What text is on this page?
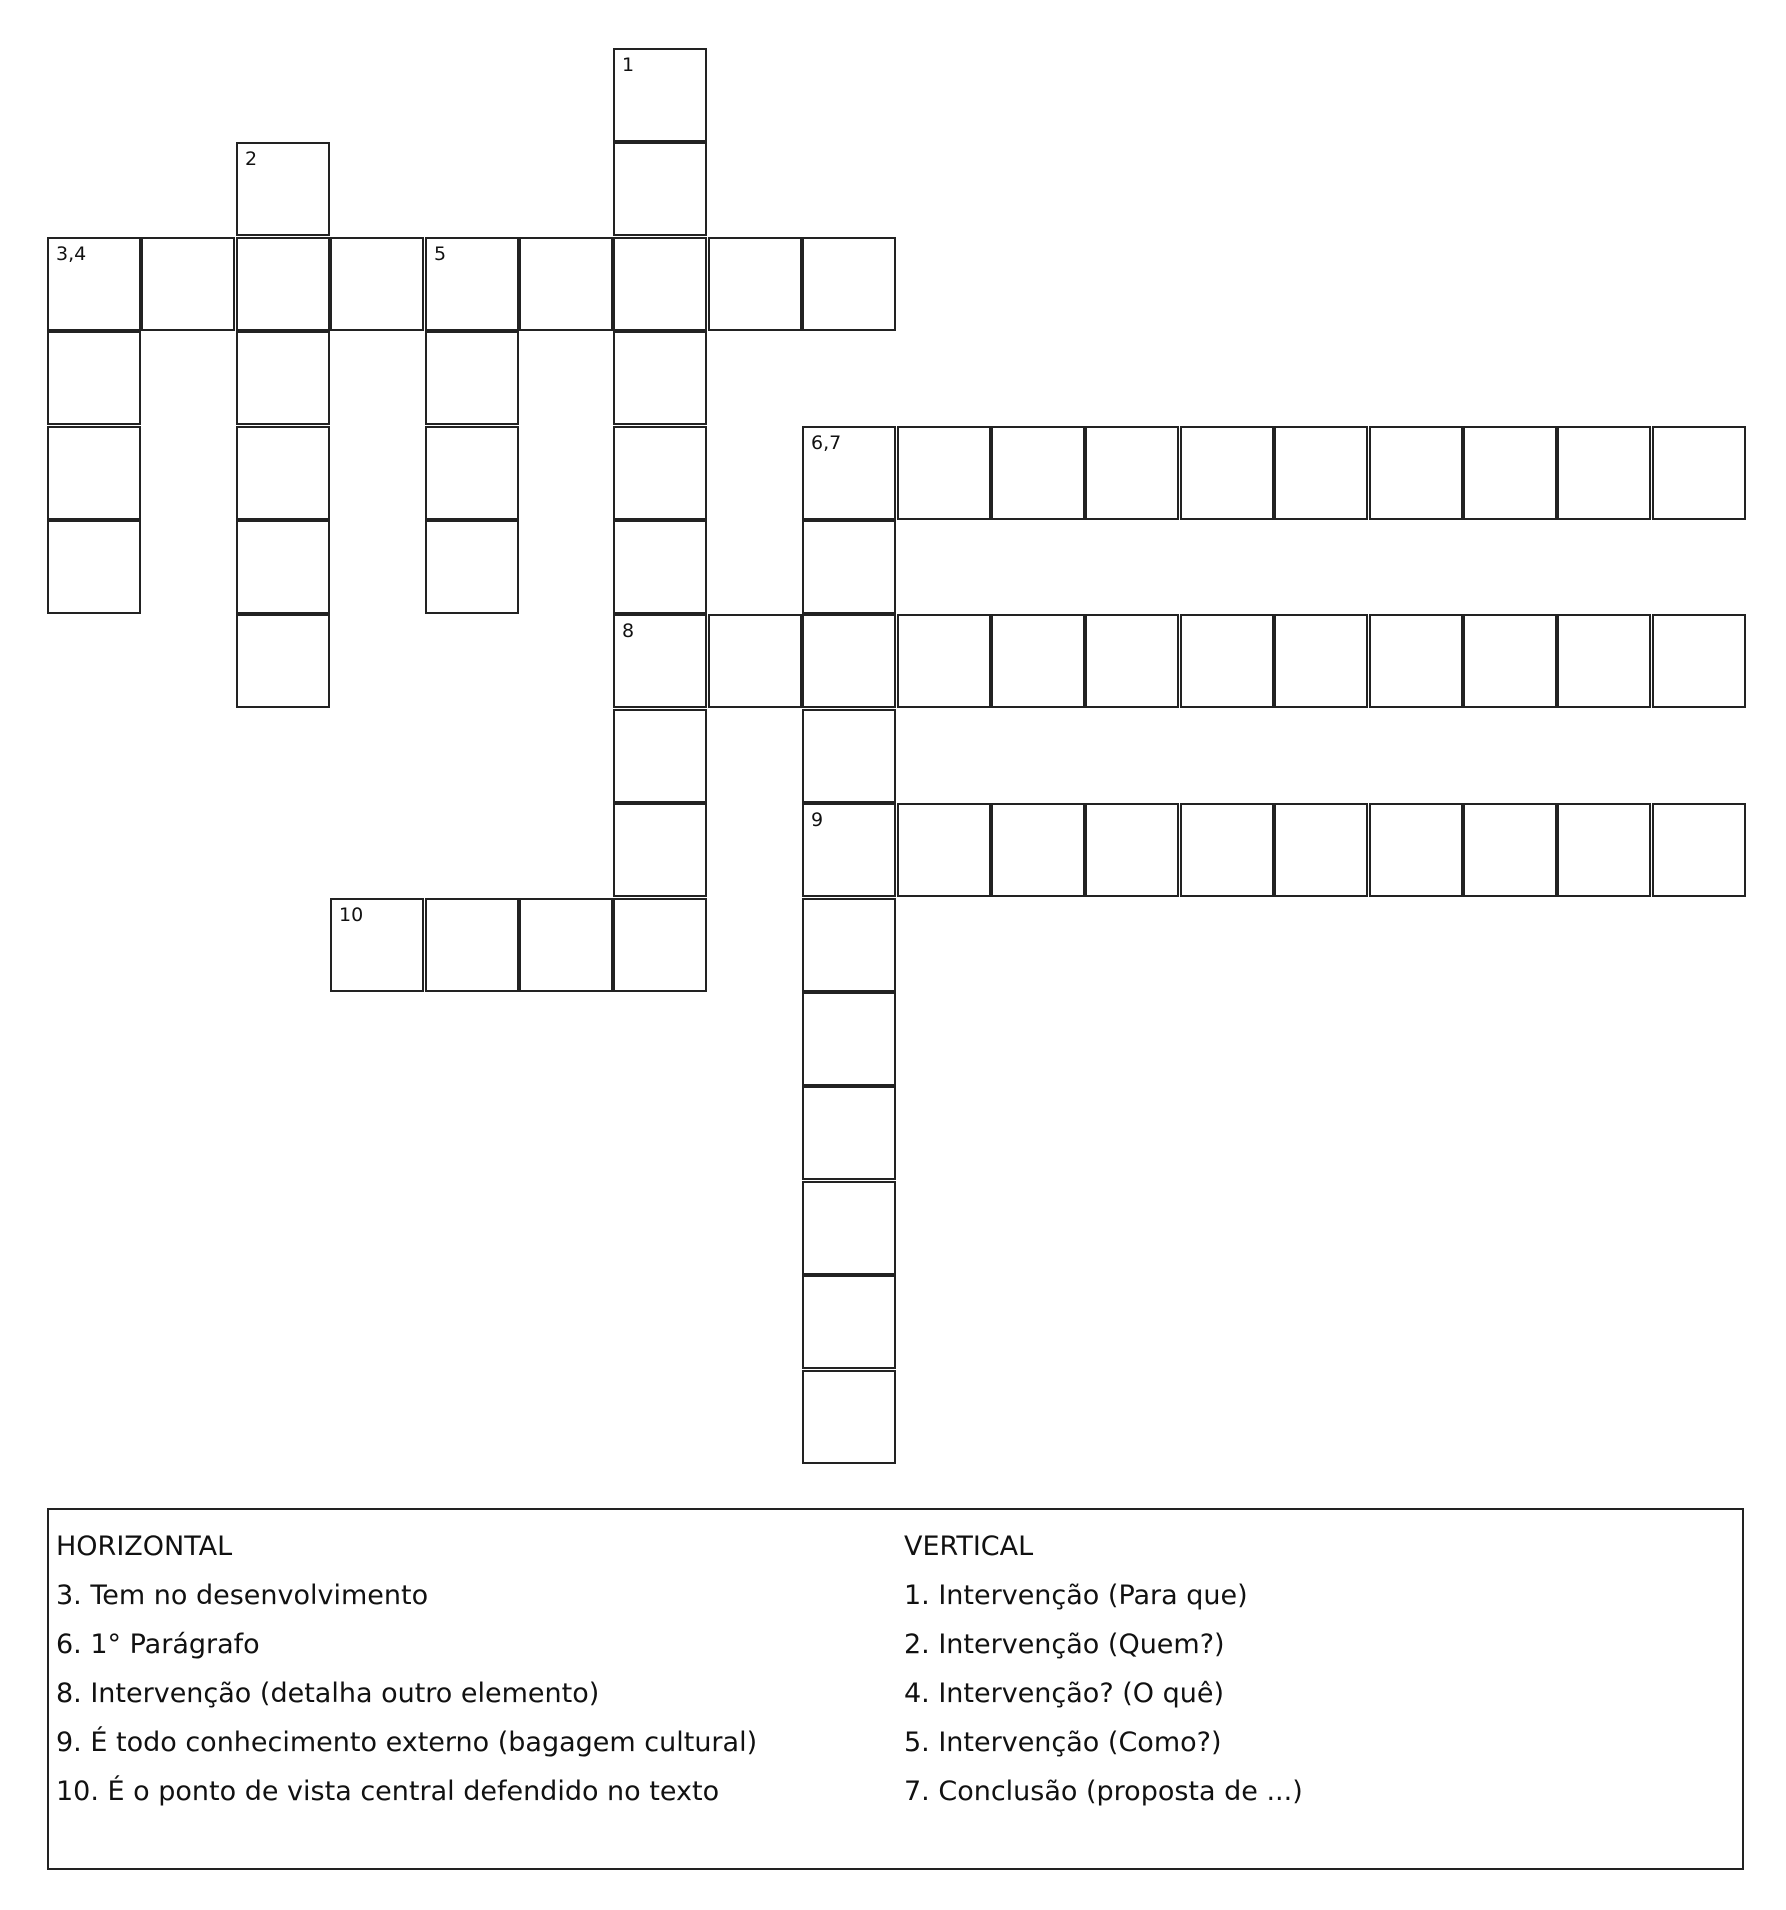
1
8
2
3,4	5
6,7
9
10
HORIZONTAL
3. Tem no desenvolvimento
6. 1° Parágrafo
8. Intervenção (detalha outro elemento)
9. É todo conhecimento externo (bagagem cultural)
10. É o ponto de vista central defendido no texto
VERTICAL
1. Intervenção (Para que)
2. Intervenção (Quem?)
4. Intervenção? (O quê)
5. Intervenção (Como?)
7. Conclusão (proposta de ...)
